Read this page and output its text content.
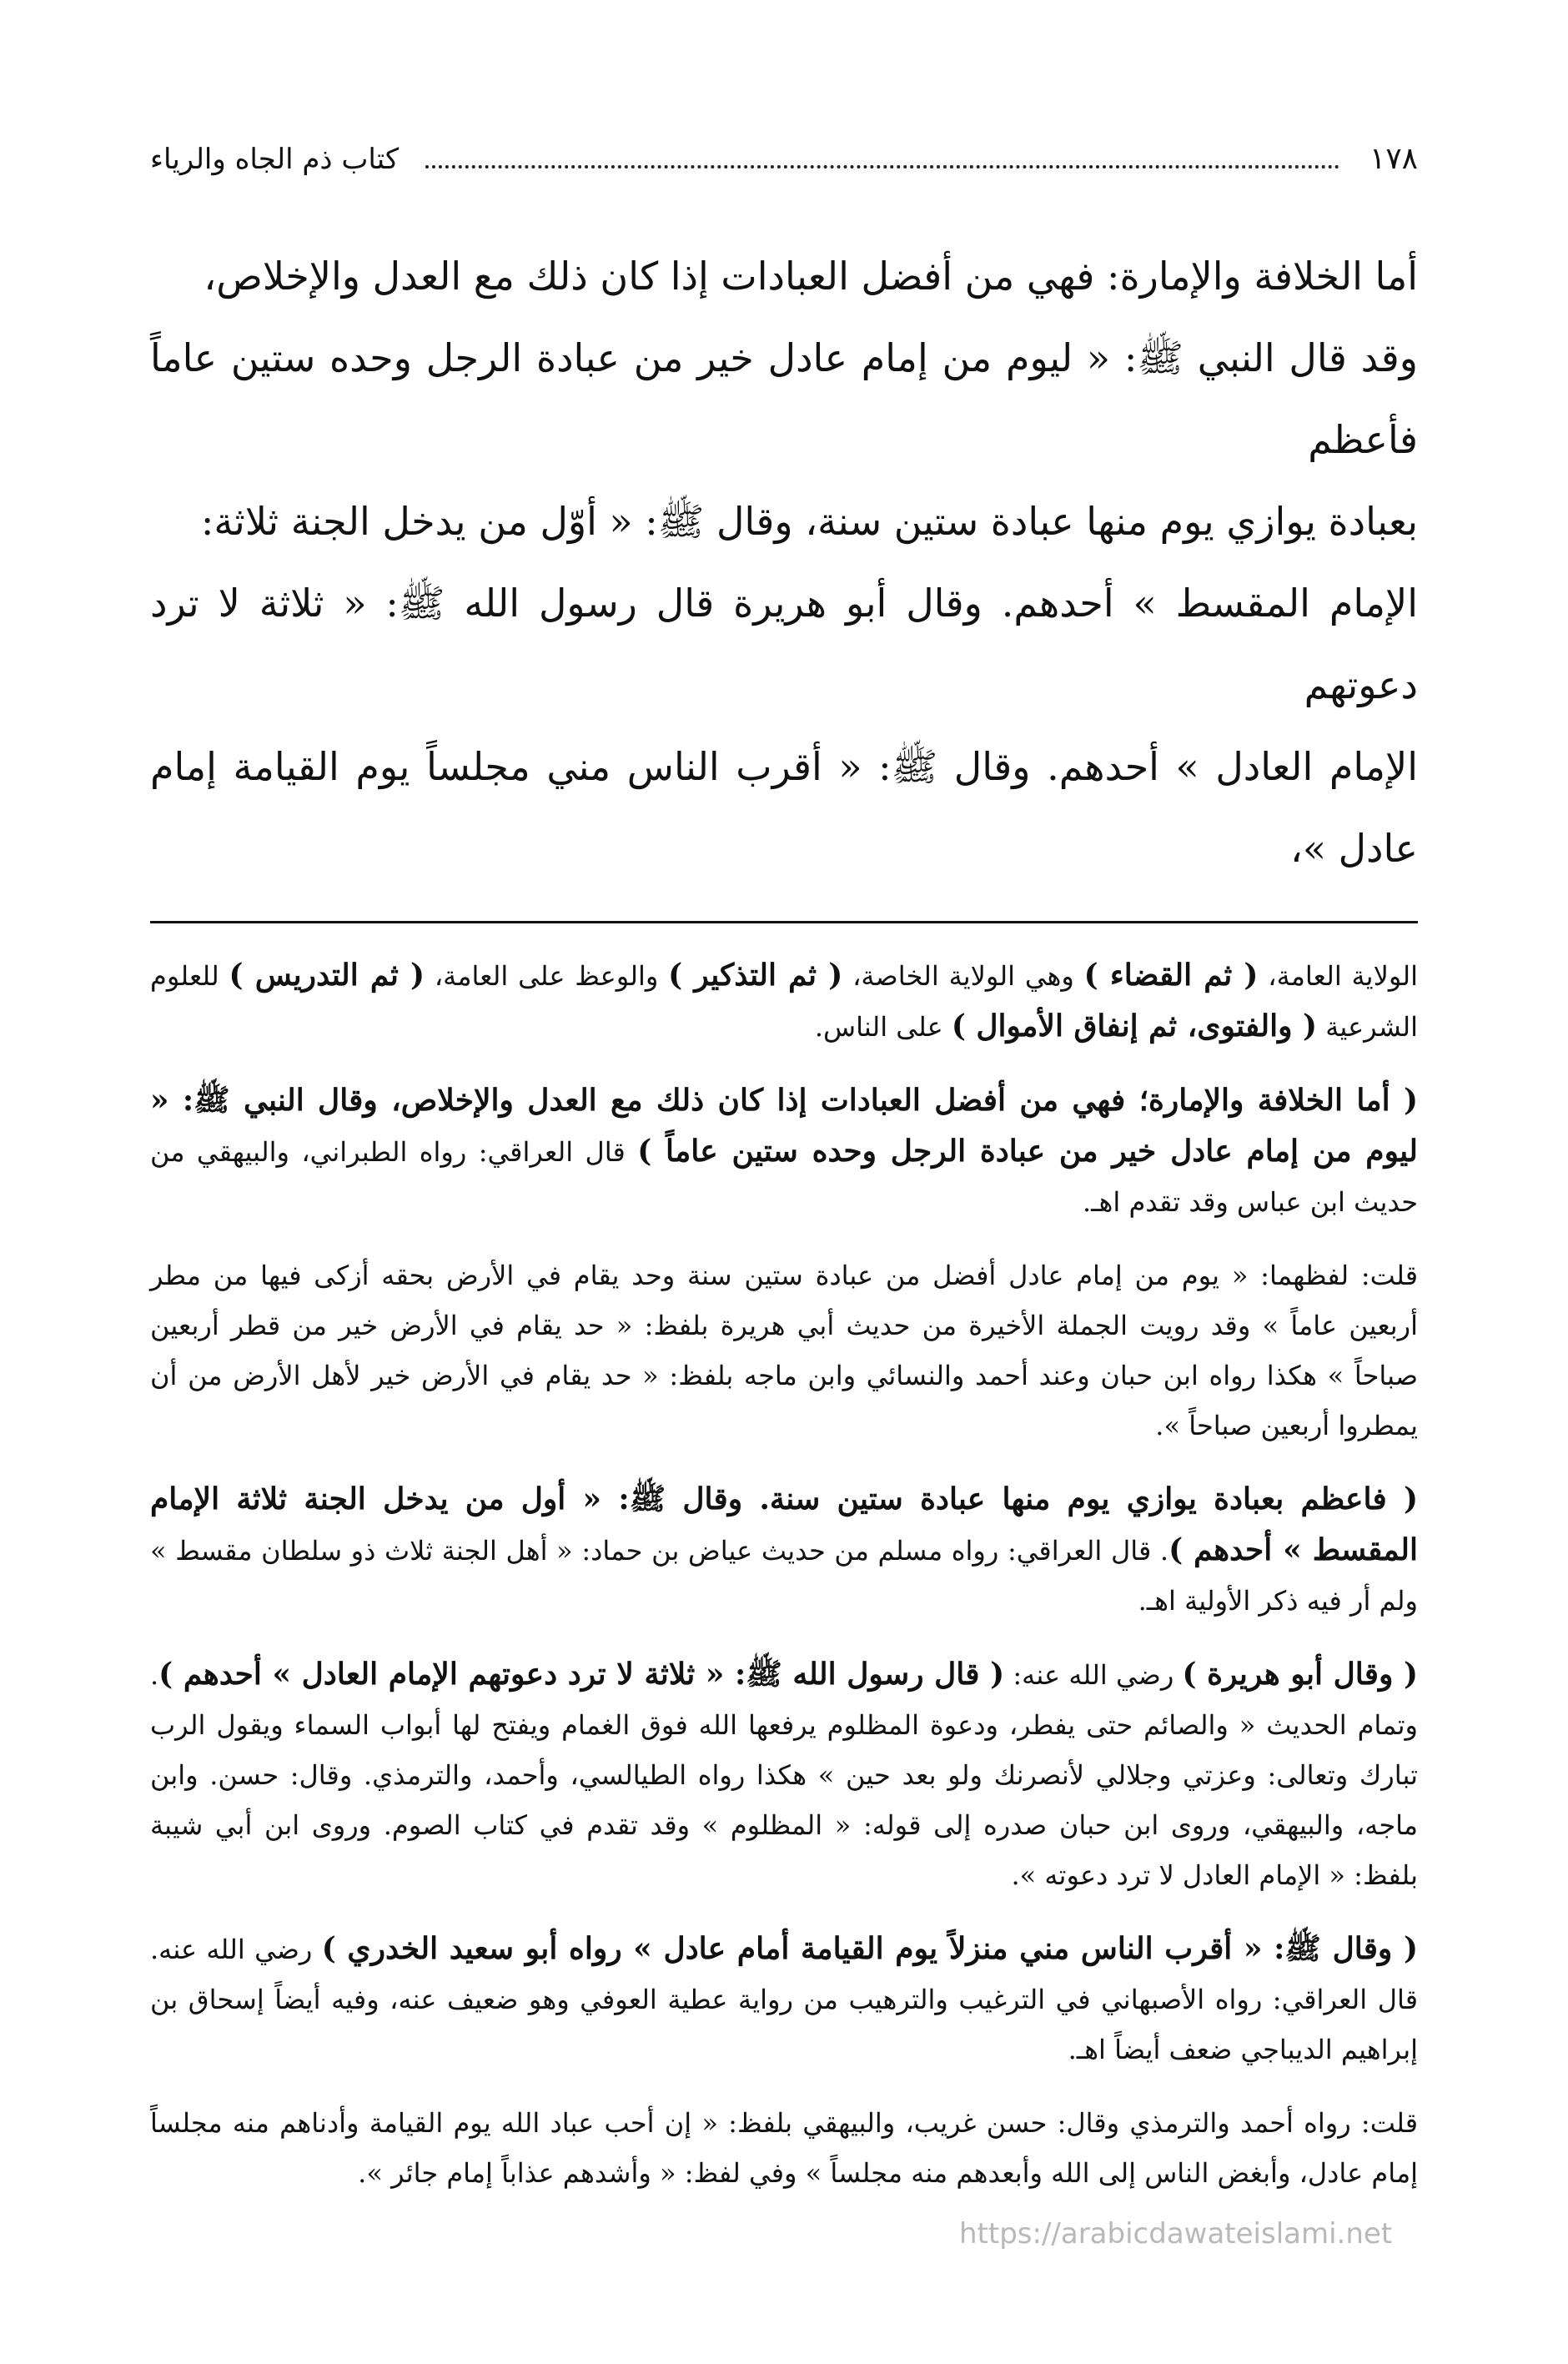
١٧٨
كتاب ذم الجاه والرياء

أما الخلافة والإمارة: فهي من أفضل العبادات إذا كان ذلك مع العدل والإخلاص،

وقد قال النبي ﷺ: « ليوم من إمام عادل خير من عبادة الرجل وحده ستين عاماً فأعظم

بعبادة يوازي يوم منها عبادة ستين سنة، وقال ﷺ: « أوّل من يدخل الجنة ثلاثة:

الإمام المقسط » أحدهم. وقال أبو هريرة قال رسول الله ﷺ: « ثلاثة لا ترد دعوتهم

الإمام العادل » أحدهم. وقال ﷺ: « أقرب الناس مني مجلساً يوم القيامة إمام عادل »،

الولاية العامة، ( ثم القضاء ) وهي الولاية الخاصة، ( ثم التذكير ) والوعظ على العامة، ( ثم التدريس ) للعلوم الشرعية ( والفتوى، ثم إنفاق الأموال ) على الناس.

( أما الخلافة والإمارة؛ فهي من أفضل العبادات إذا كان ذلك مع العدل والإخلاص، وقال النبي ﷺ: « ليوم من إمام عادل خير من عبادة الرجل وحده ستين عاماً ) قال العراقي: رواه الطبراني، والبيهقي من حديث ابن عباس وقد تقدم اهـ.

قلت: لفظهما: « يوم من إمام عادل أفضل من عبادة ستين سنة وحد يقام في الأرض بحقه أزكى فيها من مطر أربعين عاماً » وقد رويت الجملة الأخيرة من حديث أبي هريرة بلفظ: « حد يقام في الأرض خير من قطر أربعين صباحاً » هكذا رواه ابن حبان وعند أحمد والنسائي وابن ماجه بلفظ: « حد يقام في الأرض خير لأهل الأرض من أن يمطروا أربعين صباحاً ».

( فاعظم بعبادة يوازي يوم منها عبادة ستين سنة. وقال ﷺ: « أول من يدخل الجنة ثلاثة الإمام المقسط » أحدهم ). قال العراقي: رواه مسلم من حديث عياض بن حماد: « أهل الجنة ثلاث ذو سلطان مقسط » ولم أر فيه ذكر الأولية اهـ.

( وقال أبو هريرة ) رضي الله عنه: ( قال رسول الله ﷺ: « ثلاثة لا ترد دعوتهم الإمام العادل » أحدهم ). وتمام الحديث « والصائم حتى يفطر، ودعوة المظلوم يرفعها الله فوق الغمام ويفتح لها أبواب السماء ويقول الرب تبارك وتعالى: وعزتي وجلالي لأنصرنك ولو بعد حين » هكذا رواه الطيالسي، وأحمد، والترمذي. وقال: حسن. وابن ماجه، والبيهقي، وروى ابن حبان صدره إلى قوله: « المظلوم » وقد تقدم في كتاب الصوم. وروى ابن أبي شيبة بلفظ: « الإمام العادل لا ترد دعوته ».

( وقال ﷺ: « أقرب الناس مني منزلاً يوم القيامة أمام عادل » رواه أبو سعيد الخدري ) رضي الله عنه. قال العراقي: رواه الأصبهاني في الترغيب والترهيب من رواية عطية العوفي وهو ضعيف عنه، وفيه أيضاً إسحاق بن إبراهيم الديباجي ضعف أيضاً اهـ.

قلت: رواه أحمد والترمذي وقال: حسن غريب، والبيهقي بلفظ: « إن أحب عباد الله يوم القيامة وأدناهم منه مجلساً إمام عادل، وأبغض الناس إلى الله وأبعدهم منه مجلساً » وفي لفظ: « وأشدهم عذاباً إمام جائر ».

https://arabicdawateislami.net
